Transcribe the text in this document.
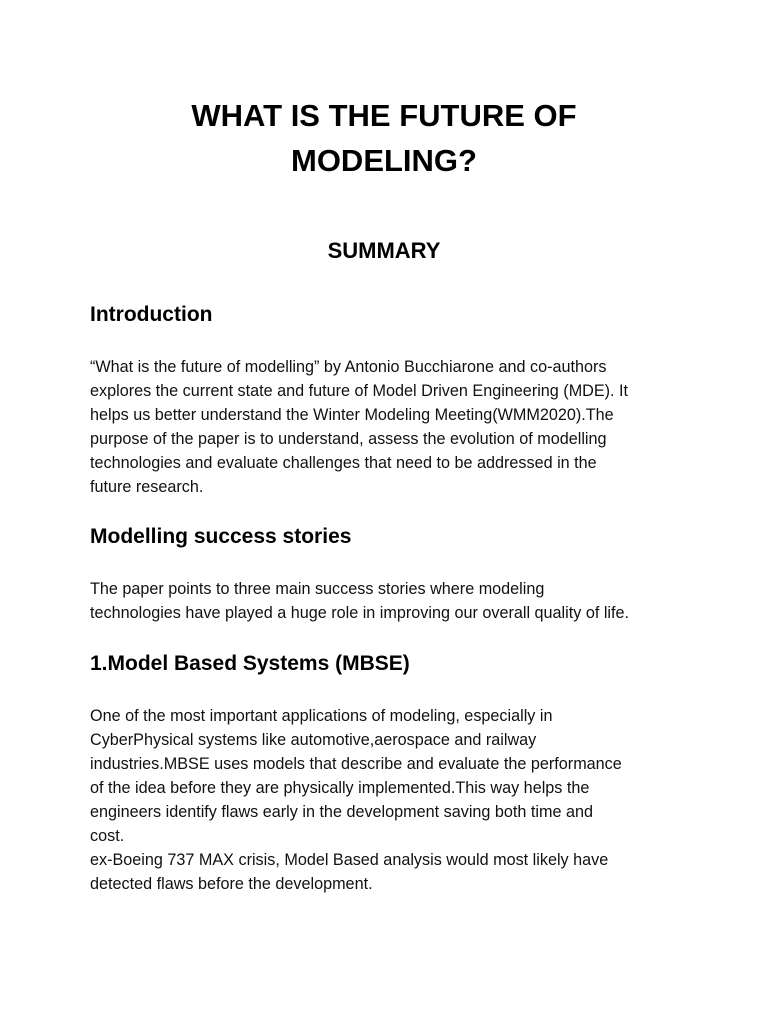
WHAT IS THE FUTURE OF
MODELING?
SUMMARY
Introduction

“What is the future of modelling” by Antonio Bucchiarone and co-authors
explores the current state and future of Model Driven Engineering (MDE). It
helps us better understand the Winter Modeling Meeting(WMM2020).The
purpose of the paper is to understand, assess the evolution of modelling
technologies and evaluate challenges that need to be addressed in the
future research.

Modelling success stories

The paper points to three main success stories where modeling
technologies have played a huge role in improving our overall quality of life.

1.Model Based Systems (MBSE)

One of the most important applications of modeling, especially in
CyberPhysical systems like automotive,aerospace and railway
industries.MBSE uses models that describe and evaluate the performance
of the idea before they are physically implemented.This way helps the
engineers identify flaws early in the development saving both time and
cost.
ex-Boeing 737 MAX crisis, Model Based analysis would most likely have
detected flaws before the development.
